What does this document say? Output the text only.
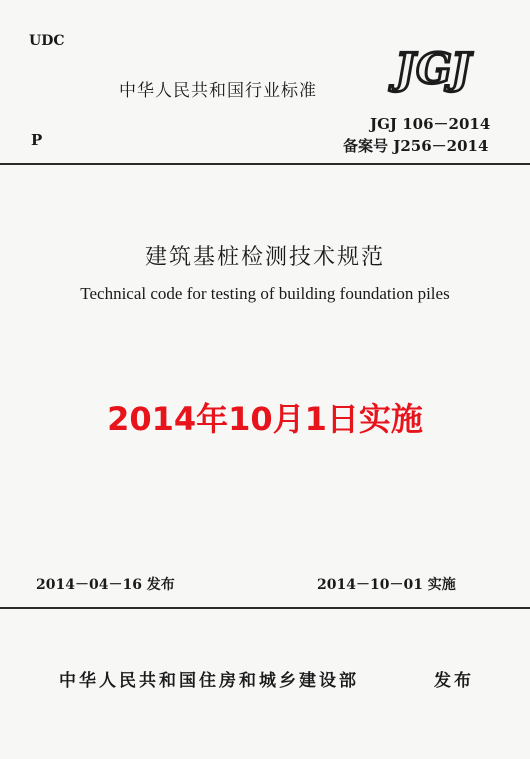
UDC
中华人民共和国行业标准 JGJ
JGJ 106－2014
P	备案号 J256－2014
建筑基桩检测技术规范
Technical code for testing of building foundation piles
2014年10月1日实施
2014－04－16 发布	2014－10－01 实施
中华人民共和国住房和城乡建设部	发布
